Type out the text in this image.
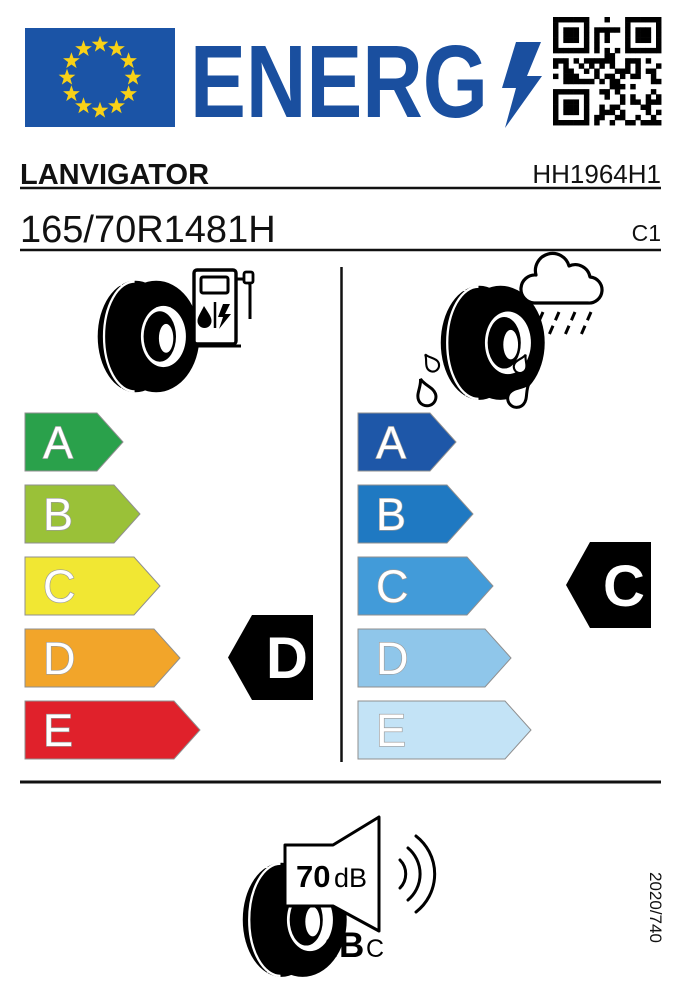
ENERG
LANVIGATOR	HH1964H1
165/70R1481H	C1
A
B
C
D
E
D
A
B
C
D
E
C
70 dB
A B C
2020/740
